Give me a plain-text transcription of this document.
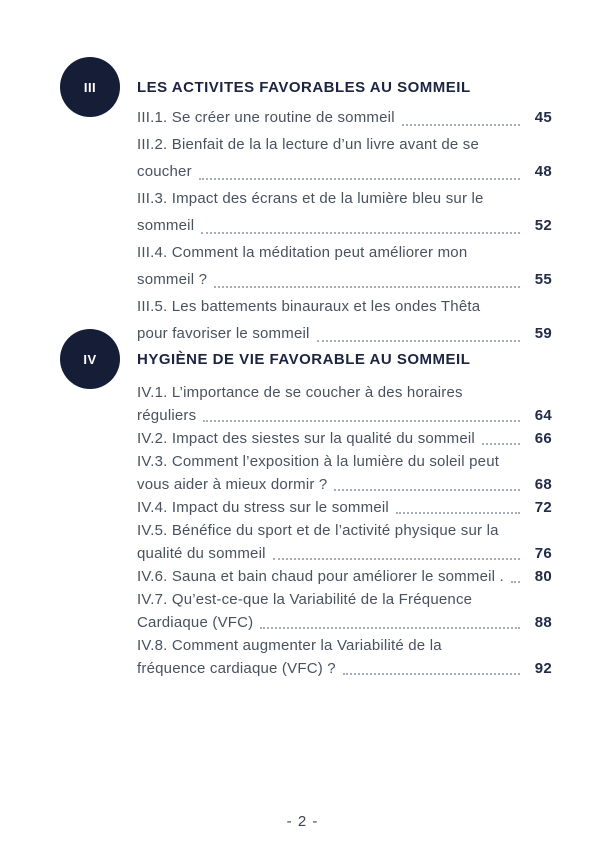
III	LES ACTIVITES FAVORABLES AU SOMMEIL
III.1. Se créer une routine de sommeil	45
III.2. Bienfait de la la lecture d’un livre avant de se
coucher	48
III.3. Impact des écrans et de la lumière bleu sur le
sommeil	52
III.4. Comment la méditation peut améliorer mon
sommeil ?	55
III.5. Les battements binauraux et les ondes Thêta
pour favoriser le sommeil	59
IV	HYGIÈNE DE VIE FAVORABLE AU SOMMEIL
IV.1. L’importance de se coucher à des horaires
réguliers	64
IV.2. Impact des siestes sur la qualité du sommeil	66
IV.3. Comment l’exposition à la lumière du soleil peut
vous aider à mieux dormir ?	68
IV.4. Impact du stress sur le sommeil	72
IV.5. Bénéfice du sport et de l’activité physique sur la
qualité du sommeil	76
IV.6. Sauna et bain chaud pour améliorer le sommeil .	80
IV.7. Qu’est-ce-que la Variabilité de la Fréquence
Cardiaque (VFC)	88
IV.8. Comment augmenter la Variabilité de la
fréquence cardiaque (VFC) ?	92
- 2 -
